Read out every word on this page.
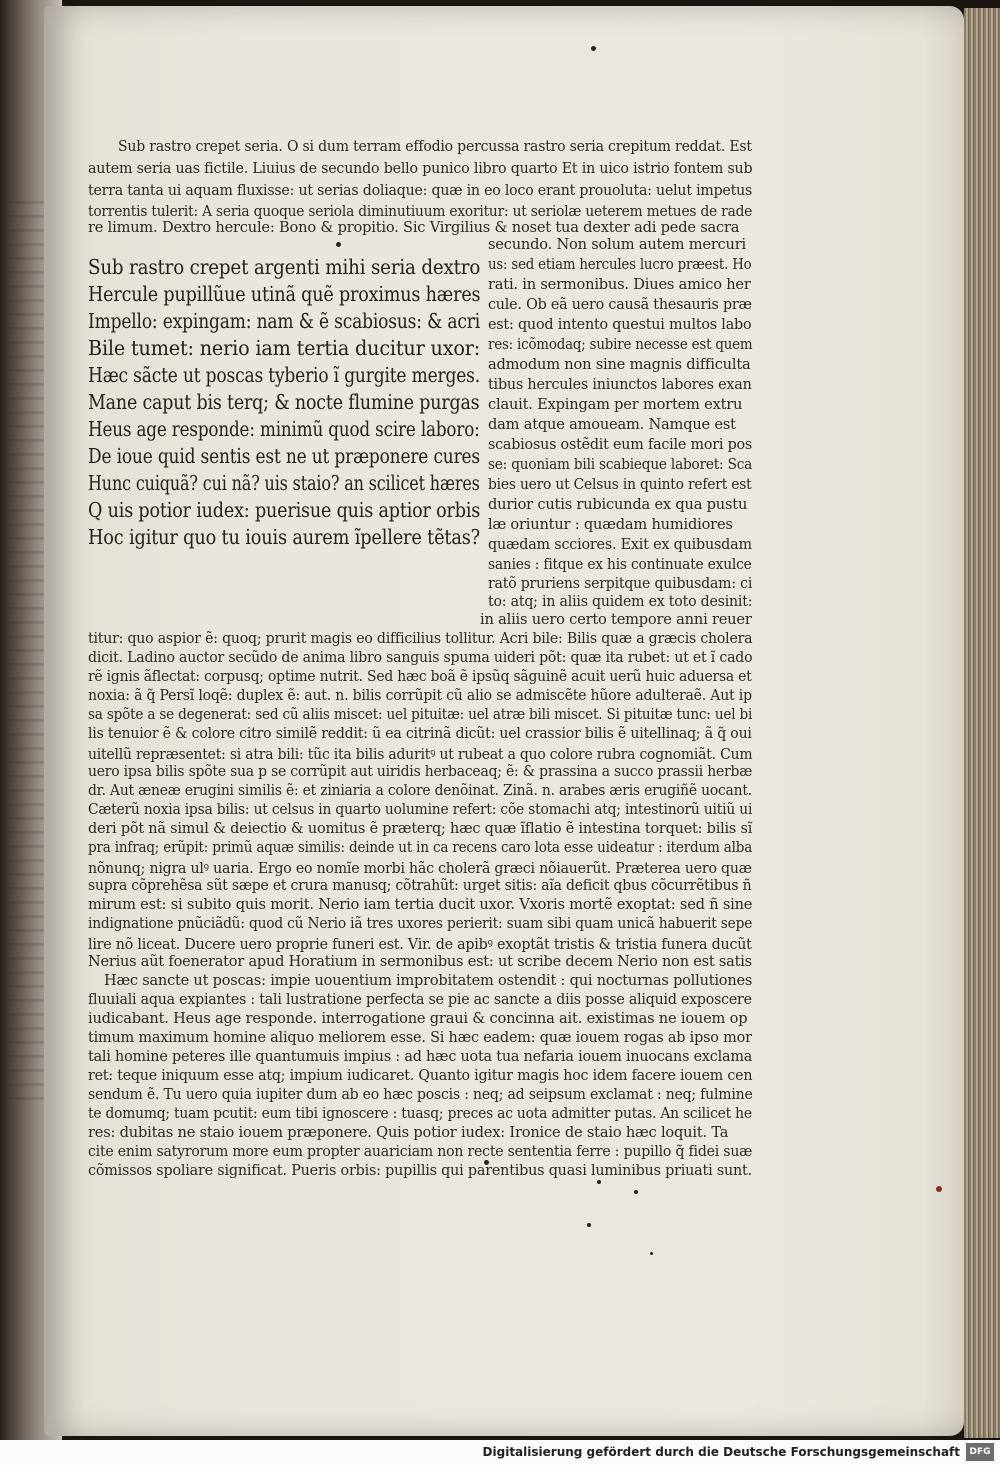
Sub rastro crepet seria. O si dum terram effodio percussa rastro seria crepitum reddat. Est
autem seria uas fictile. Liuius de secundo bello punico libro quarto Et in uico istrio fontem sub
terra tanta ui aquam fluxisse: ut serias doliaque: quæ in eo loco erant prouoluta: uelut impetus
torrentis tulerit: A seria quoque seriola diminutiuum exoritur: ut seriolæ ueterem metues de rade
re limum. Dextro hercule: Bono & propitio. Sic Virgilius & noset tua dexter adi pede sacra
Sub rastro crepet argenti mihi seria dextro
Hercule pupillũue utinã quẽ proximus hæres
Impello: expingam: nam & ẽ scabiosus: & acri
Bile tumet: nerio iam tertia ducitur uxor:
Hæc sãcte ut poscas tyberio ĩ gurgite merges.
Mane caput bis terq; & nocte flumine purgas
Heus age responde: minimũ quod scire laboro:
De ioue quid sentis est ne ut præponere cures
Hunc cuiquã? cui nã? uis staio? an scilicet hæres
Q uis potior iudex: puerisue quis aptior orbis
Hoc igitur quo tu iouis aurem ĩpellere tẽtas?
secundo. Non solum autem mercuri
us: sed etiam hercules lucro præest. Ho
rati. in sermonibus. Diues amico her
cule. Ob eã uero causã thesauris præ
est: quod intento questui multos labo
res: icõmodaq; subire necesse est quem
admodum non sine magnis difficulta
tibus hercules iniunctos labores exan
clauit. Expingam per mortem extru
dam atque amoueam. Namque est
scabiosus ostẽdit eum facile mori pos
se: quoniam bili scabieque laboret: Sca
bies uero ut Celsus in quinto refert est
durior cutis rubicunda ex qua pustu
læ oriuntur : quædam humidiores
quædam scciores. Exit ex quibusdam
sanies : fitque ex his continuate exulce
ratõ pruriens serpitque quibusdam: ci
to: atq; in aliis quidem ex toto desinit:
in aliis uero certo tempore anni reuer
titur: quo aspior ẽ: quoq; prurit magis eo difficilius tollitur. Acri bile: Bilis quæ a græcis cholera
dicit. Ladino auctor secũdo de anima libro sanguis spuma uideri põt: quæ ita rubet: ut et ĩ cado
rẽ ignis ãflectat: corpusq; optime nutrit. Sed hæc boã ẽ ipsũq sãguinẽ acuit uerũ huic aduersa et
noxia: ã q̃ Persĩ loqẽ: duplex ẽ: aut. n. bilis corrũpit cũ alio se admiscẽte hũore adulteraẽ. Aut ip
sa spõte a se degenerat: sed cũ aliis miscet: uel pituitæ: uel atræ bili miscet. Si pituitæ tunc: uel bi
lis tenuior ẽ & colore citro similẽ reddit: ũ ea citrinã dicũt: uel crassior bilis ẽ uitellinaq; ã q̃ oui
uitellũ repræsentet: si atra bili: tũc ita bilis aduritꝰ ut rubeat a quo colore rubra cognomiãt. Cum
uero ipsa bilis spõte sua p se corrũpit aut uiridis herbaceaq; ẽ: & prassina a succo prassii herbæ
dr. Aut æneæ erugini similis ẽ: et ziniaria a colore denõinat. Zinã. n. arabes æris erugiñẽ uocant.
Cæterũ noxia ipsa bilis: ut celsus in quarto uolumine refert: cõe stomachi atq; intestinorũ uitiũ ui
deri põt nã simul & deiectio & uomitus ẽ præterq; hæc quæ ĩflatio ẽ intestina torquet: bilis sĩ
pra infraq; erũpit: primũ aquæ similis: deinde ut in ca recens caro lota esse uideatur : iterdum alba
nõnunq; nigra ulꝰ uaria. Ergo eo nomĩe morbi hãc cholerã græci nõiauerũt. Præterea uero quæ
supra cõprehẽsa sũt sæpe et crura manusq; cõtrahũt: urget sitis: aĩa deficit qbus cõcurrẽtibus ñ
mirum est: si subito quis morit. Nerio iam tertia ducit uxor. Vxoris mortẽ exoptat: sed ñ sine
indignatione pnũciãdũ: quod cũ Nerio iã tres uxores perierit: suam sibi quam unicã habuerit sepe
lire nõ liceat. Ducere uero proprie funeri est. Vir. de apibꝰ exoptãt tristis & tristia funera ducũt
Nerius aũt foenerator apud Horatium in sermonibus est: ut scribe decem Nerio non est satis
Hæc sancte ut poscas: impie uouentium improbitatem ostendit : qui nocturnas pollutiones
fluuiali aqua expiantes : tali lustratione perfecta se pie ac sancte a diis posse aliquid exposcere
iudicabant. Heus age responde. interrogatione graui & concinna ait. existimas ne iouem op
timum maximum homine aliquo meliorem esse. Si hæc eadem: quæ iouem rogas ab ipso mor
tali homine peteres ille quantumuis impius : ad hæc uota tua nefaria iouem inuocans exclama
ret: teque iniquum esse atq; impium iudicaret. Quanto igitur magis hoc idem facere iouem cen
sendum ẽ. Tu uero quia iupiter dum ab eo hæc poscis : neq; ad seipsum exclamat : neq; fulmine
te domumq; tuam pcutit: eum tibi ignoscere : tuasq; preces ac uota admitter putas. An scilicet he
res: dubitas ne staio iouem præponere. Quis potior iudex: Ironice de staio hæc loquit. Ta
cite enim satyrorum more eum propter auariciam non recte sententia ferre : pupillo q̃ fidei suæ
cõmissos spoliare significat. Pueris orbis: pupillis qui parentibus quasi luminibus priuati sunt.
Digitalisierung gefördert durch die Deutsche Forschungsgemeinschaft	DFG
